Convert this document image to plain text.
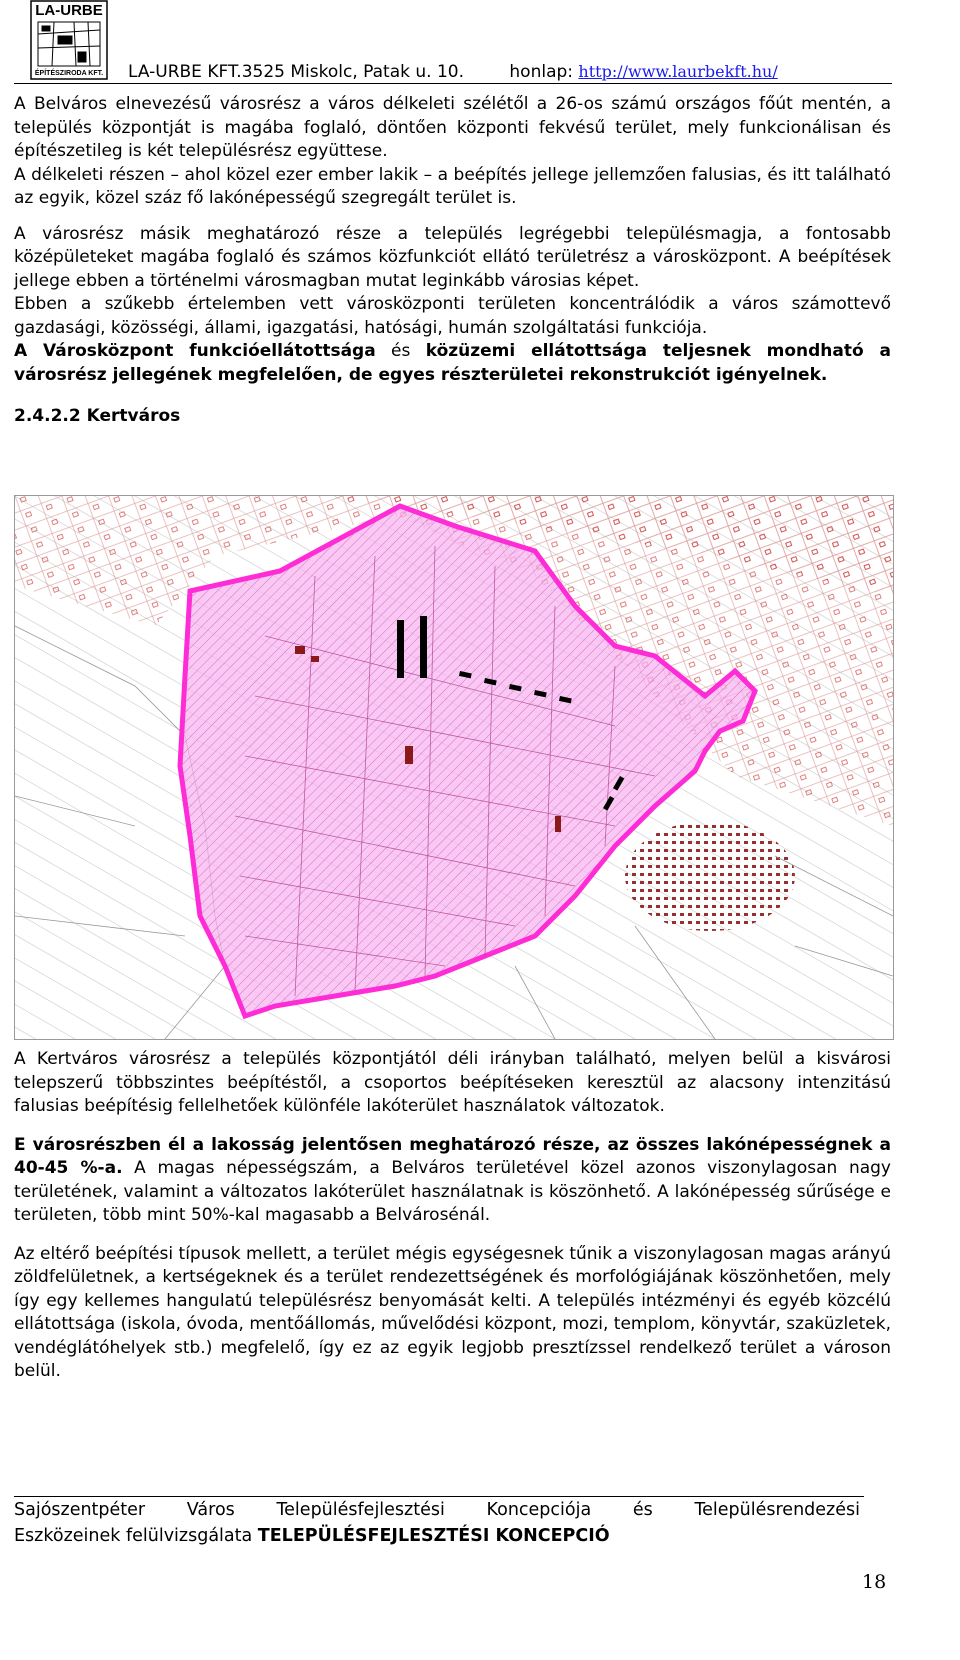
LA-URBE
ÉPÍTÉSZIRODA KFT. LA-URBE KFT.3525 Miskolc, Patak u. 10.	honlap: http://www.laurbekft.hu/

A Belváros elnevezésű városrész a város délkeleti szélétől a 26-os számú országos főút mentén, a település központját is magába foglaló, döntően központi fekvésű terület, mely funkcionálisan és építészetileg is két településrész együttese.

A délkeleti részen – ahol közel ezer ember lakik – a beépítés jellege jellemzően falusias, és itt található az egyik, közel száz fő lakónépességű szegregált terület is.

A városrész másik meghatározó része a település legrégebbi településmagja, a fontosabb középületeket magába foglaló és számos közfunkciót ellátó területrész a városközpont. A beépítések jellege ebben a történelmi városmagban mutat leginkább városias képet.

Ebben a szűkebb értelemben vett városközponti területen koncentrálódik a város számottevő gazdasági, közösségi, állami, igazgatási, hatósági, humán szolgáltatási funkciója.

A Városközpont funkcióellátottsága és közüzemi ellátottsága teljesnek mondható a városrész jellegének megfelelően, de egyes részterületei rekonstrukciót igényelnek.

2.4.2.2 Kertváros

A Kertváros városrész a település központjától déli irányban található, melyen belül a kisvárosi telepszerű többszintes beépítéstől, a csoportos beépítéseken keresztül az alacsony intenzitású falusias beépítésig fellelhetőek különféle lakóterület használatok változatok.

E városrészben él a lakosság jelentősen meghatározó része, az összes lakónépességnek a 40-45 %-a. A magas népességszám, a Belváros területével közel azonos viszonylagosan nagy területének, valamint a változatos lakóterület használatnak is köszönhető. A lakónépesség sűrűsége e területen, több mint 50%-kal magasabb a Belvárosénál.

Az eltérő beépítési típusok mellett, a terület mégis egységesnek tűnik a viszonylagosan magas arányú zöldfelületnek, a kertségeknek és a terület rendezettségének és morfológiájának köszönhetően, mely így egy kellemes hangulatú településrész benyomását kelti. A település intézményi és egyéb közcélú ellátottsága (iskola, óvoda, mentőállomás, művelődési központ, mozi, templom, könyvtár, szaküzletek, vendéglátóhelyek stb.) megfelelő, így ez az egyik legjobb presztízssel rendelkező terület a városon belül.

Sajószentpéter Város Településfejlesztési Koncepciója és Településrendezési
Eszközeinek felülvizsgálata TELEPÜLÉSFEJLESZTÉSI KONCEPCIÓ
18
